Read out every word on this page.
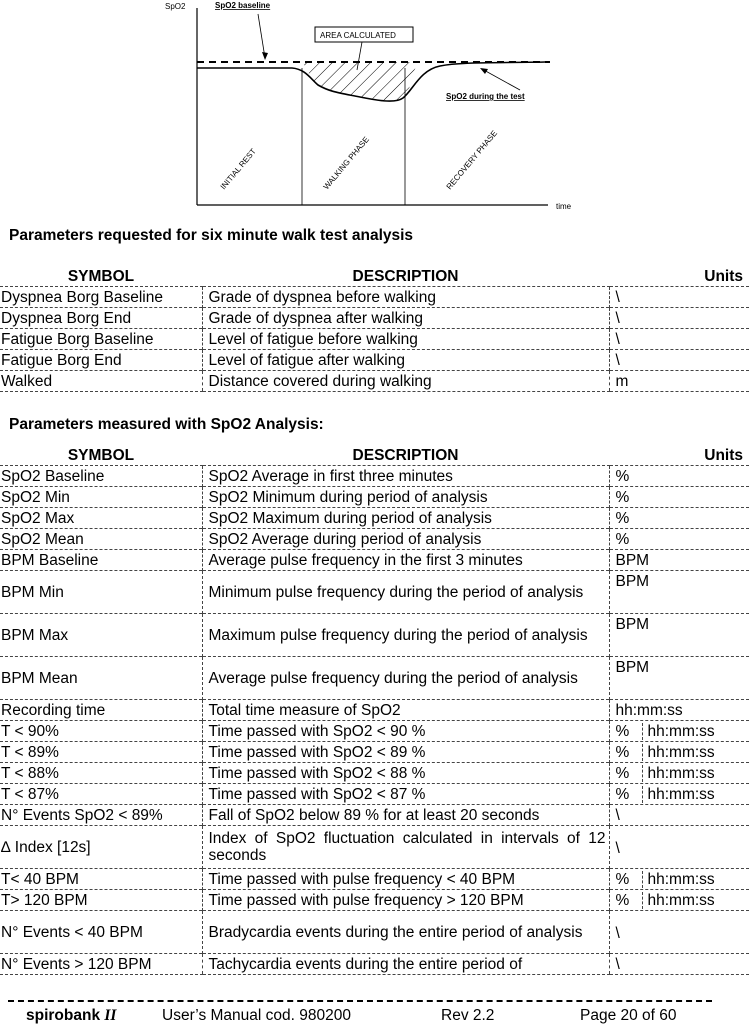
SpO2	SpO2 baseline
AREA CALCULATED
SpO2 during the test
INITIAL REST	WALKING PHASE	RECOVERY PHASE
time
Parameters requested for six minute walk test analysis
SYMBOL	DESCRIPTION	Units
Dyspnea Borg Baseline	Grade of dyspnea before walking	\
Dyspnea Borg End	Grade of dyspnea after walking	\
Fatigue Borg Baseline	Level of fatigue before walking	\
Fatigue Borg End	Level of fatigue after walking	\
Walked	Distance covered during walking	m
Parameters measured with SpO2 Analysis:
SYMBOL	DESCRIPTION	Units
SpO2 Baseline	SpO2 Average in first three minutes	%
SpO2 Min	SpO2 Minimum during period of analysis	%
SpO2 Max	SpO2 Maximum during period of analysis	%
SpO2 Mean	SpO2 Average during period of analysis	%
BPM Baseline	Average pulse frequency in the first 3 minutes	BPM
BPM Min	Minimum pulse frequency during the period of analysis	BPM
BPM Max	Maximum pulse frequency during the period of analysis	BPM
BPM Mean	Average pulse frequency during the period of analysis	BPM
Recording time	Total time measure of SpO2	hh:mm:ss
T < 90%	Time passed with SpO2 < 90 %	% hh:mm:ss

T < 89%	Time passed with SpO2 < 89 %	% hh:mm:ss

T < 88%	Time passed with SpO2 < 88 %	% hh:mm:ss

T < 87%	Time passed with SpO2 < 87 %	% hh:mm:ss

N° Events SpO2 < 89%	Fall of SpO2 below 89 % for at least 20 seconds	\
∆ Index [12s]	Index of SpO2 fluctuation calculated in intervals of 12 seconds	\
T< 40 BPM	Time passed with pulse frequency < 40 BPM	% hh:mm:ss

T> 120 BPM	Time passed with pulse frequency > 120 BPM	% hh:mm:ss

N° Events < 40 BPM	Bradycardia events during the entire period of analysis	\
N° Events > 120 BPM	Tachycardia events during the entire period of	\
spirobank II	User’s Manual cod. 980200	Rev 2.2	Page 20 of 60
